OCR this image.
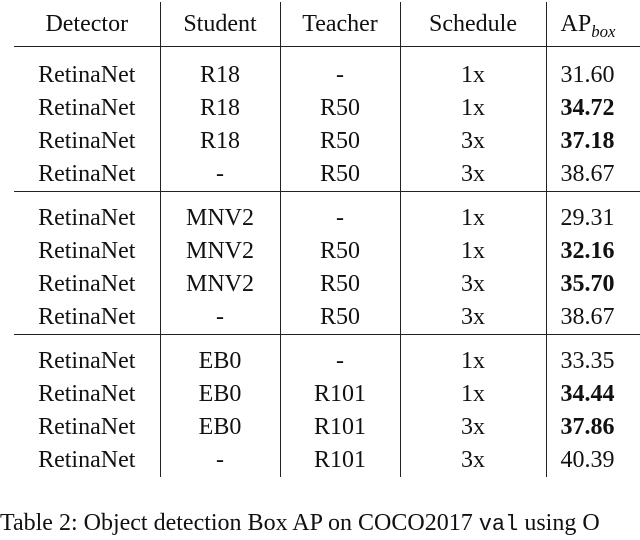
Detector	Student	Teacher	Schedule	$AP_{box}$

RetinaNet	R18	-	1x	31.60
RetinaNet	R18	R50	1x	34.72
RetinaNet	R18	R50	3x	37.18
RetinaNet	-	R50	3x	38.67

RetinaNet	MNV2	-	1x	29.31
RetinaNet	MNV2	R50	1x	32.16
RetinaNet	MNV2	R50	3x	35.70
RetinaNet	-	R50	3x	38.67

RetinaNet	EB0	-	1x	33.35
RetinaNet	EB0	R101	1x	34.44
RetinaNet	EB0	R101	3x	37.86
RetinaNet	-	R101	3x	40.39
Table 2: Object detection Box AP on COCO2017 val using O
